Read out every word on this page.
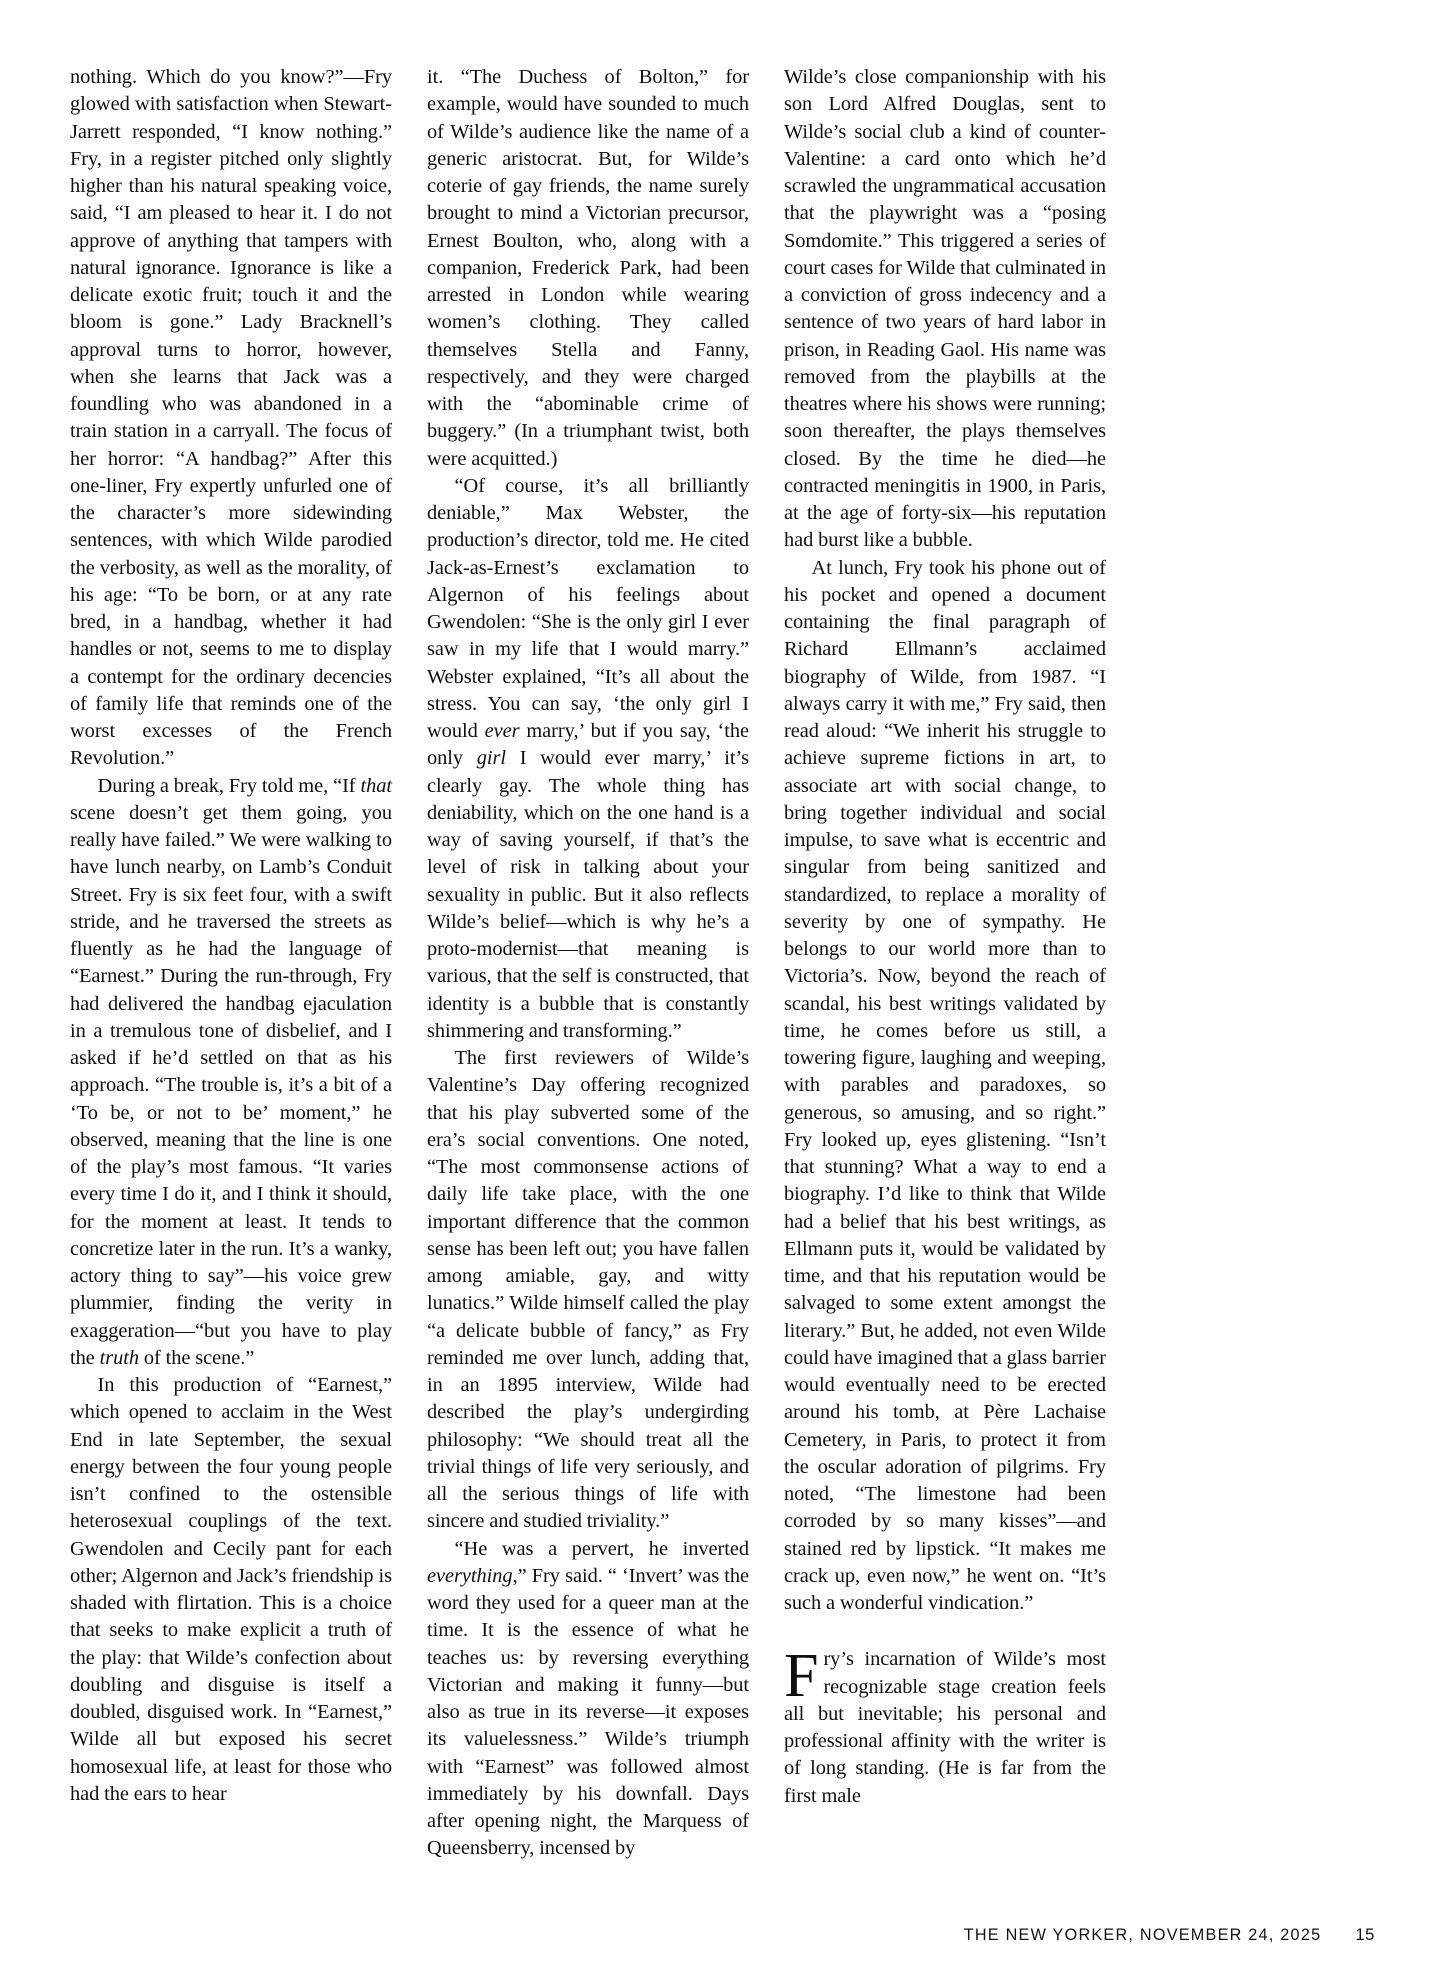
nothing. Which do you know?”—Fry glowed with satisfaction when Stewart-Jarrett responded, “I know nothing.” Fry, in a register pitched only slightly higher than his natural speaking voice, said, “I am pleased to hear it. I do not approve of anything that tampers with natural ignorance. Ignorance is like a delicate exotic fruit; touch it and the bloom is gone.” Lady Bracknell’s approval turns to horror, however, when she learns that Jack was a foundling who was abandoned in a train station in a carryall. The focus of her horror: “A handbag?” After this one-liner, Fry expertly unfurled one of the character’s more sidewinding sentences, with which Wilde parodied the verbosity, as well as the morality, of his age: “To be born, or at any rate bred, in a handbag, whether it had handles or not, seems to me to display a contempt for the ordinary decencies of family life that reminds one of the worst excesses of the French Revolution.”

During a break, Fry told me, “If that scene doesn’t get them going, you really have failed.” We were walking to have lunch nearby, on Lamb’s Conduit Street. Fry is six feet four, with a swift stride, and he traversed the streets as fluently as he had the language of “Earnest.” During the run-through, Fry had delivered the handbag ejaculation in a tremulous tone of disbelief, and I asked if he’d settled on that as his approach. “The trouble is, it’s a bit of a ‘To be, or not to be’ moment,” he observed, meaning that the line is one of the play’s most famous. “It varies every time I do it, and I think it should, for the moment at least. It tends to concretize later in the run. It’s a wanky, actory thing to say”—his voice grew plummier, finding the verity in exaggeration—“but you have to play the truth of the scene.”

In this production of “Earnest,” which opened to acclaim in the West End in late September, the sexual energy between the four young people isn’t confined to the ostensible heterosexual couplings of the text. Gwendolen and Cecily pant for each other; Algernon and Jack’s friendship is shaded with flirtation. This is a choice that seeks to make explicit a truth of the play: that Wilde’s confection about doubling and disguise is itself a doubled, disguised work. In “Earnest,” Wilde all but exposed his secret homosexual life, at least for those who had the ears to hear

it. “The Duchess of Bolton,” for example, would have sounded to much of Wilde’s audience like the name of a generic aristocrat. But, for Wilde’s coterie of gay friends, the name surely brought to mind a Victorian precursor, Ernest Boulton, who, along with a companion, Frederick Park, had been arrested in London while wearing women’s clothing. They called themselves Stella and Fanny, respectively, and they were charged with the “abominable crime of buggery.” (In a triumphant twist, both were acquitted.)

“Of course, it’s all brilliantly deniable,” Max Webster, the production’s director, told me. He cited Jack-as-Ernest’s exclamation to Algernon of his feelings about Gwendolen: “She is the only girl I ever saw in my life that I would marry.” Webster explained, “It’s all about the stress. You can say, ‘the only girl I would ever marry,’ but if you say, ‘the only girl I would ever marry,’ it’s clearly gay. The whole thing has deniability, which on the one hand is a way of saving yourself, if that’s the level of risk in talking about your sexuality in public. But it also reflects Wilde’s belief—which is why he’s a proto-modernist—that meaning is various, that the self is constructed, that identity is a bubble that is constantly shimmering and transforming.”

The first reviewers of Wilde’s Valentine’s Day offering recognized that his play subverted some of the era’s social conventions. One noted, “The most commonsense actions of daily life take place, with the one important difference that the common sense has been left out; you have fallen among amiable, gay, and witty lunatics.” Wilde himself called the play “a delicate bubble of fancy,” as Fry reminded me over lunch, adding that, in an 1895 interview, Wilde had described the play’s undergirding philosophy: “We should treat all the trivial things of life very seriously, and all the serious things of life with sincere and studied triviality.”

“He was a pervert, he inverted everything,” Fry said. “ ‘Invert’ was the word they used for a queer man at the time. It is the essence of what he teaches us: by reversing everything Victorian and making it funny—but also as true in its reverse—it exposes its valuelessness.” Wilde’s triumph with “Earnest” was followed almost immediately by his downfall. Days after opening night, the Marquess of Queensberry, incensed by

Wilde’s close companionship with his son Lord Alfred Douglas, sent to Wilde’s social club a kind of counter-Valentine: a card onto which he’d scrawled the ungrammatical accusation that the playwright was a “posing Somdomite.” This triggered a series of court cases for Wilde that culminated in a conviction of gross indecency and a sentence of two years of hard labor in prison, in Reading Gaol. His name was removed from the playbills at the theatres where his shows were running; soon thereafter, the plays themselves closed. By the time he died—he contracted meningitis in 1900, in Paris, at the age of forty-six—his reputation had burst like a bubble.

At lunch, Fry took his phone out of his pocket and opened a document containing the final paragraph of Richard Ellmann’s acclaimed biography of Wilde, from 1987. “I always carry it with me,” Fry said, then read aloud: “We inherit his struggle to achieve supreme fictions in art, to associate art with social change, to bring together individual and social impulse, to save what is eccentric and singular from being sanitized and standardized, to replace a morality of severity by one of sympathy. He belongs to our world more than to Victoria’s. Now, beyond the reach of scandal, his best writings validated by time, he comes before us still, a towering figure, laughing and weeping, with parables and paradoxes, so generous, so amusing, and so right.” Fry looked up, eyes glistening. “Isn’t that stunning? What a way to end a biography. I’d like to think that Wilde had a belief that his best writings, as Ellmann puts it, would be validated by time, and that his reputation would be salvaged to some extent amongst the literary.” But, he added, not even Wilde could have imagined that a glass barrier would eventually need to be erected around his tomb, at Père Lachaise Cemetery, in Paris, to protect it from the oscular adoration of pilgrims. Fry noted, “The limestone had been corroded by so many kisses”—and stained red by lipstick. “It makes me crack up, even now,” he went on. “It’s such a wonderful vindication.”

Fry’s incarnation of Wilde’s most recognizable stage creation feels all but inevitable; his personal and professional affinity with the writer is of long standing. (He is far from the first male

THE NEW YORKER, NOVEMBER 24, 2025 15
